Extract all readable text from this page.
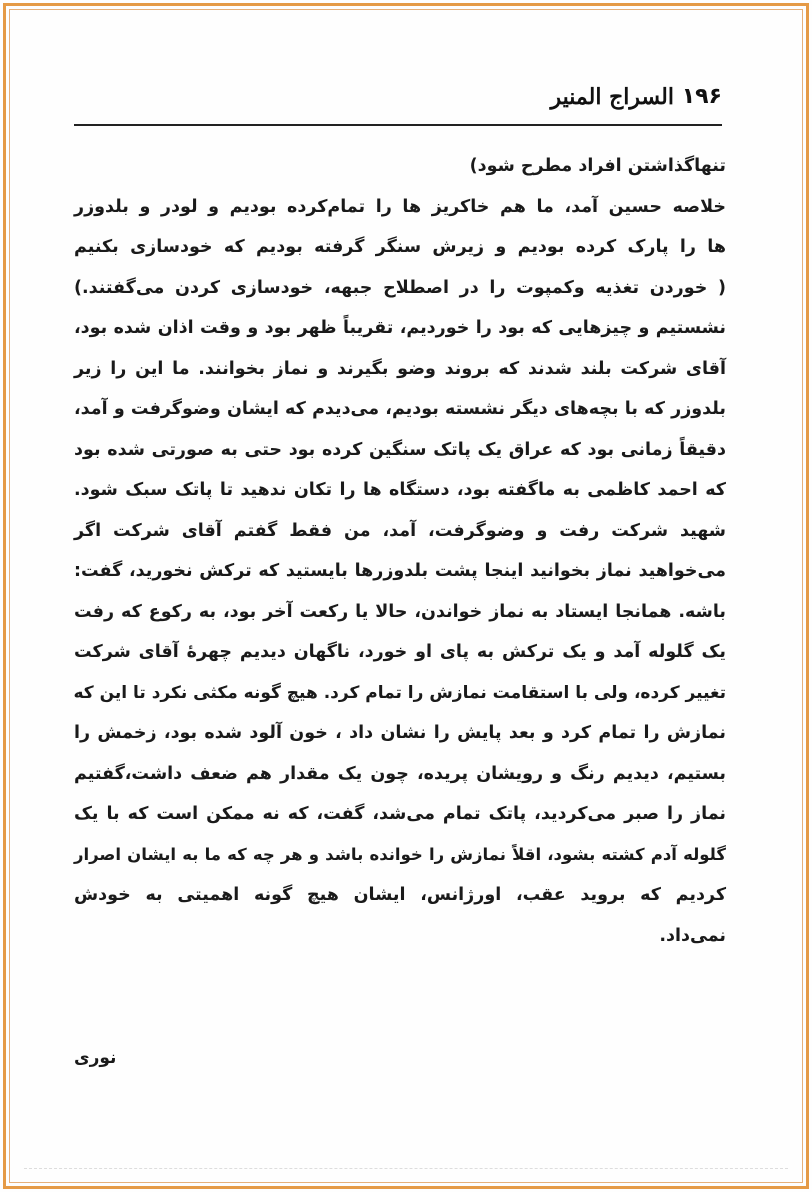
۱۹۶
السراج المنیر
تنهاگذاشتن افراد مطرح شود)
خلاصه حسین آمد، ما هم خاکریز ها را تمام‌کرده بودیم و لودر و بلدوزر
ها را پارک کرده بودیم و زیرش سنگر گرفته بودیم که خودسازی بکنیم
( خوردن تغذیه وکمپوت را در اصطلاح جبهه، خودسازی کردن می‌گفتند.)
نشستیم و چیزهایی که بود را خوردیم، تقریباً ظهر بود و وقت اذان شده بود،
آقای شرکت بلند شدند که بروند وضو بگیرند و نماز بخوانند. ما این را زیر
بلدوزر که با بچه‌های دیگر نشسته بودیم، می‌دیدم که ایشان وضوگرفت و آمد،
دقیقاً زمانی بود که عراق یک پاتک سنگین کرده بود حتی به صورتی شده بود
که احمد کاظمی به ماگفته بود، دستگاه ها را تکان ندهید تا پاتک سبک شود.
شهید شرکت رفت و وضوگرفت، آمد، من فقط گفتم آقای شرکت اگر
می‌خواهید نماز بخوانید اینجا پشت بلدوزرها بایستید که ترکش نخورید، گفت:
باشه. همانجا ایستاد به نماز خواندن، حالا یا رکعت آخر بود، به رکوع که رفت
یک گلوله آمد و یک ترکش به پای او خورد، ناگهان دیدیم چهرهٔ آقای شرکت
تغییر کرده، ولی با استقامت نمازش را تمام کرد. هیچ گونه مکثی نکرد تا این که
نمازش را تمام کرد و بعد پایش را نشان داد ، خون آلود شده بود، زخمش را
بستیم، دیدیم رنگ و رویشان پریده، چون یک مقدار هم ضعف داشت،گفتیم
نماز را صبر می‌کردید، پاتک تمام می‌شد، گفت، که نه ممکن است که با یک
گلوله آدم کشته بشود، اقلاً نمازش را خوانده باشد و هر چه که ما به ایشان اصرار
کردیم که بروید عقب، اورژانس، ایشان هیچ گونه اهمیتی به خودش
نمی‌داد.
نوری
